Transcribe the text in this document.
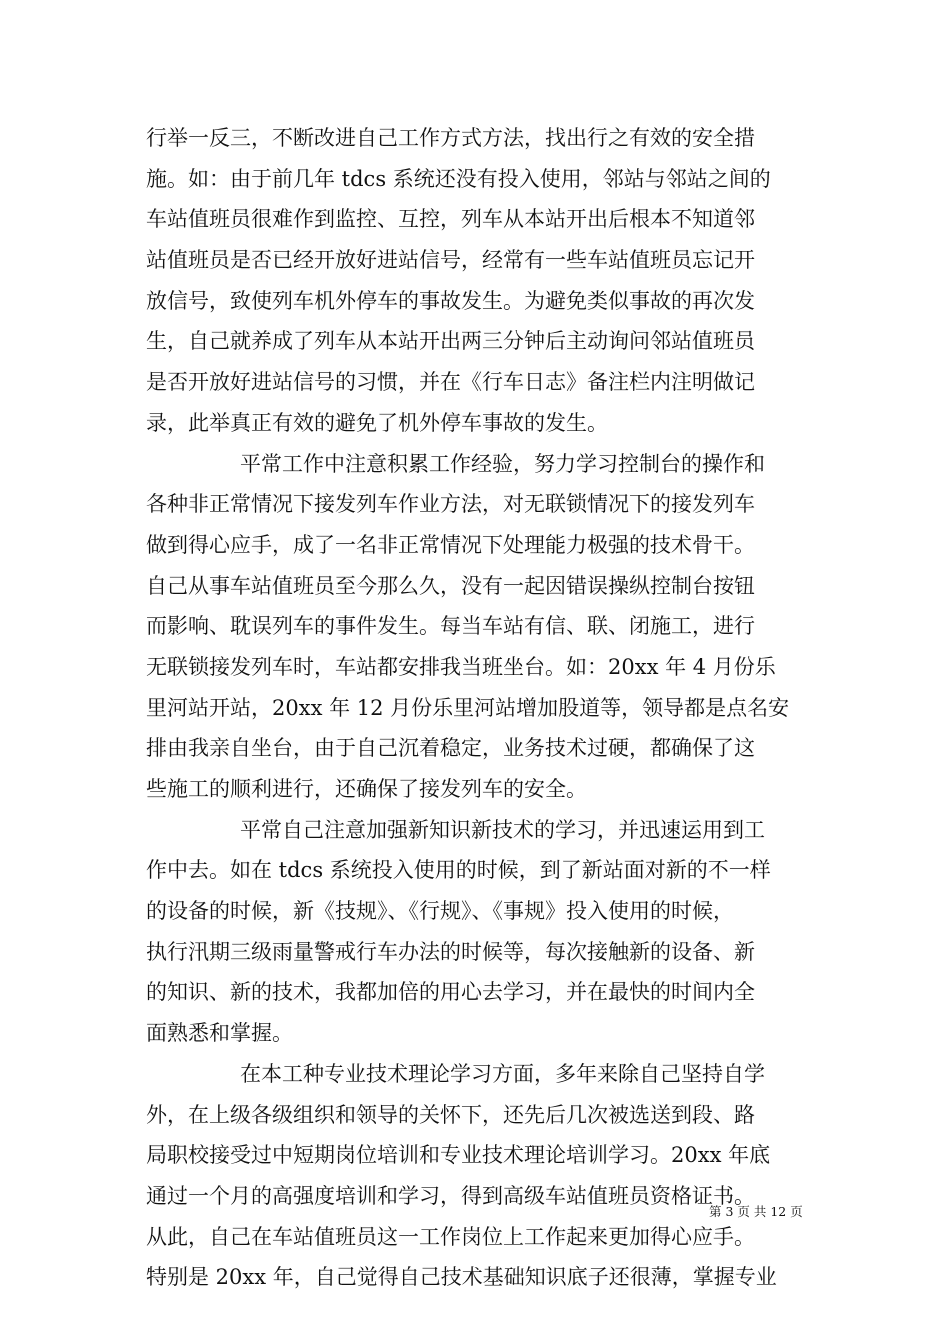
行举一反三，不断改进自己工作方式方法，找出行之有效的安全措
施。如：由于前几年 tdcs 系统还没有投入使用，邻站与邻站之间的
车站值班员很难作到监控、互控，列车从本站开出后根本不知道邻
站值班员是否已经开放好进站信号，经常有一些车站值班员忘记开
放信号，致使列车机外停车的事故发生。为避免类似事故的再次发
生，自己就养成了列车从本站开出两三分钟后主动询问邻站值班员
是否开放好进站信号的习惯，并在《行车日志》备注栏内注明做记
录，此举真正有效的避免了机外停车事故的发生。
平常工作中注意积累工作经验，努力学习控制台的操作和
各种非正常情况下接发列车作业方法，对无联锁情况下的接发列车
做到得心应手，成了一名非正常情况下处理能力极强的技术骨干。
自己从事车站值班员至今那么久，没有一起因错误操纵控制台按钮
而影响、耽误列车的事件发生。每当车站有信、联、闭施工，进行
无联锁接发列车时，车站都安排我当班坐台。如：20xx 年 4 月份乐
里河站开站，20xx 年 12 月份乐里河站增加股道等，领导都是点名安
排由我亲自坐台，由于自己沉着稳定，业务技术过硬，都确保了这
些施工的顺利进行，还确保了接发列车的安全。
平常自己注意加强新知识新技术的学习，并迅速运用到工
作中去。如在 tdcs 系统投入使用的时候，到了新站面对新的不一样
的设备的时候，新《技规》、《行规》、《事规》投入使用的时候，
执行汛期三级雨量警戒行车办法的时候等，每次接触新的设备、新
的知识、新的技术，我都加倍的用心去学习，并在最快的时间内全
面熟悉和掌握。
在本工种专业技术理论学习方面，多年来除自己坚持自学
外，在上级各级组织和领导的关怀下，还先后几次被选送到段、路
局职校接受过中短期岗位培训和专业技术理论培训学习。20xx 年底
通过一个月的高强度培训和学习，得到高级车站值班员资格证书。
从此，自己在车站值班员这一工作岗位上工作起来更加得心应手。
特别是 20xx 年，自己觉得自己技术基础知识底子还很薄，掌握专业
第 3 页 共 12 页
